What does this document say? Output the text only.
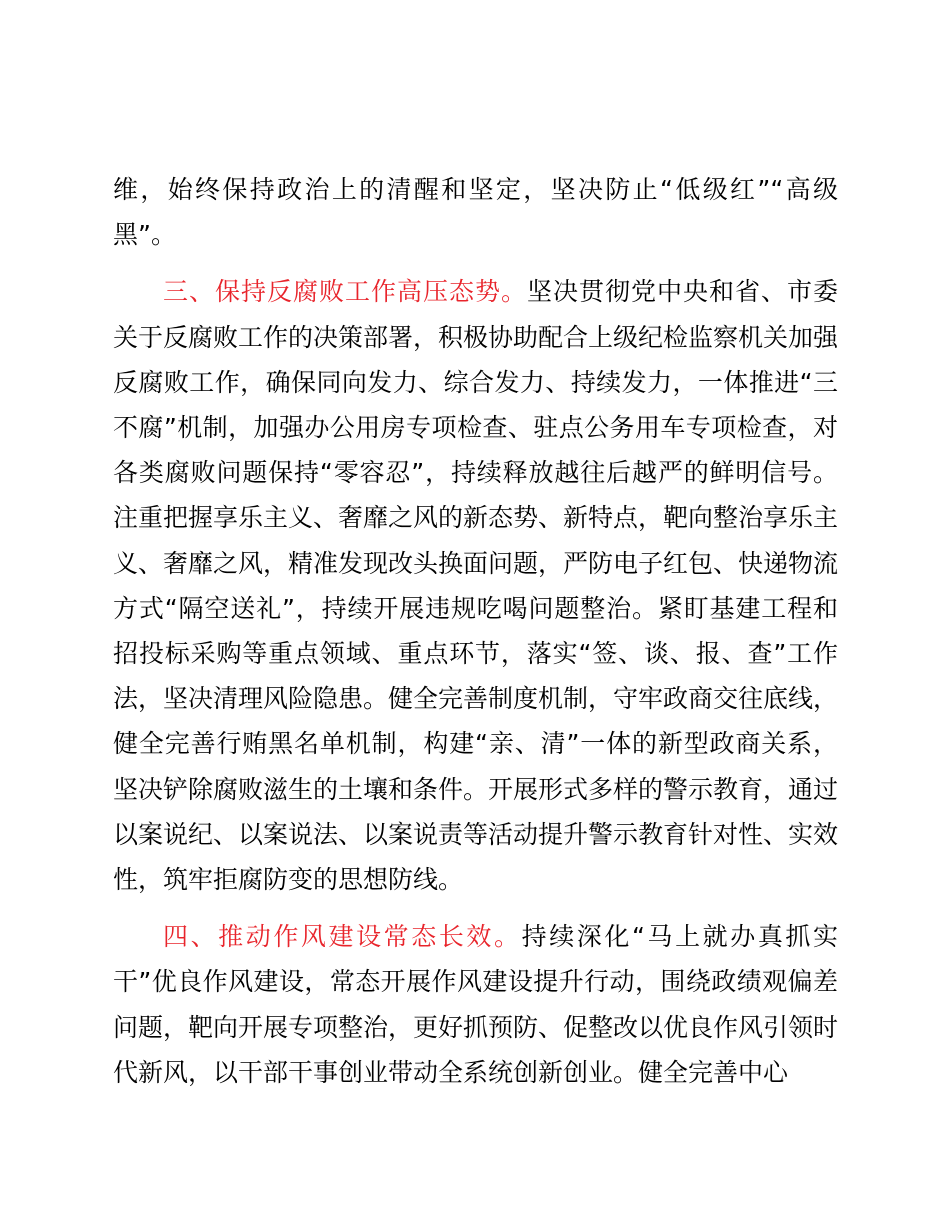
维，始终保持政治上的清醒和坚定，坚决防止“低级红”“高级黑”。

三、保持反腐败工作高压态势。坚决贯彻党中央和省、市委关于反腐败工作的决策部署，积极协助配合上级纪检监察机关加强反腐败工作，确保同向发力、综合发力、持续发力，一体推进“三不腐”机制，加强办公用房专项检查、驻点公务用车专项检查，对各类腐败问题保持“零容忍”，持续释放越往后越严的鲜明信号。注重把握享乐主义、奢靡之风的新态势、新特点，靶向整治享乐主义、奢靡之风，精准发现改头换面问题，严防电子红包、快递物流方式“隔空送礼”，持续开展违规吃喝问题整治。紧盯基建工程和招投标采购等重点领域、重点环节，落实“签、谈、报、查”工作法，坚决清理风险隐患。健全完善制度机制，守牢政商交往底线，健全完善行贿黑名单机制，构建“亲、清”一体的新型政商关系，坚决铲除腐败滋生的土壤和条件。开展形式多样的警示教育，通过以案说纪、以案说法、以案说责等活动提升警示教育针对性、实效性，筑牢拒腐防变的思想防线。

四、推动作风建设常态长效。持续深化“马上就办真抓实干”优良作风建设，常态开展作风建设提升行动，围绕政绩观偏差问题，靶向开展专项整治，更好抓预防、促整改以优良作风引领时代新风，以干部干事创业带动全系统创新创业。健全完善中心
